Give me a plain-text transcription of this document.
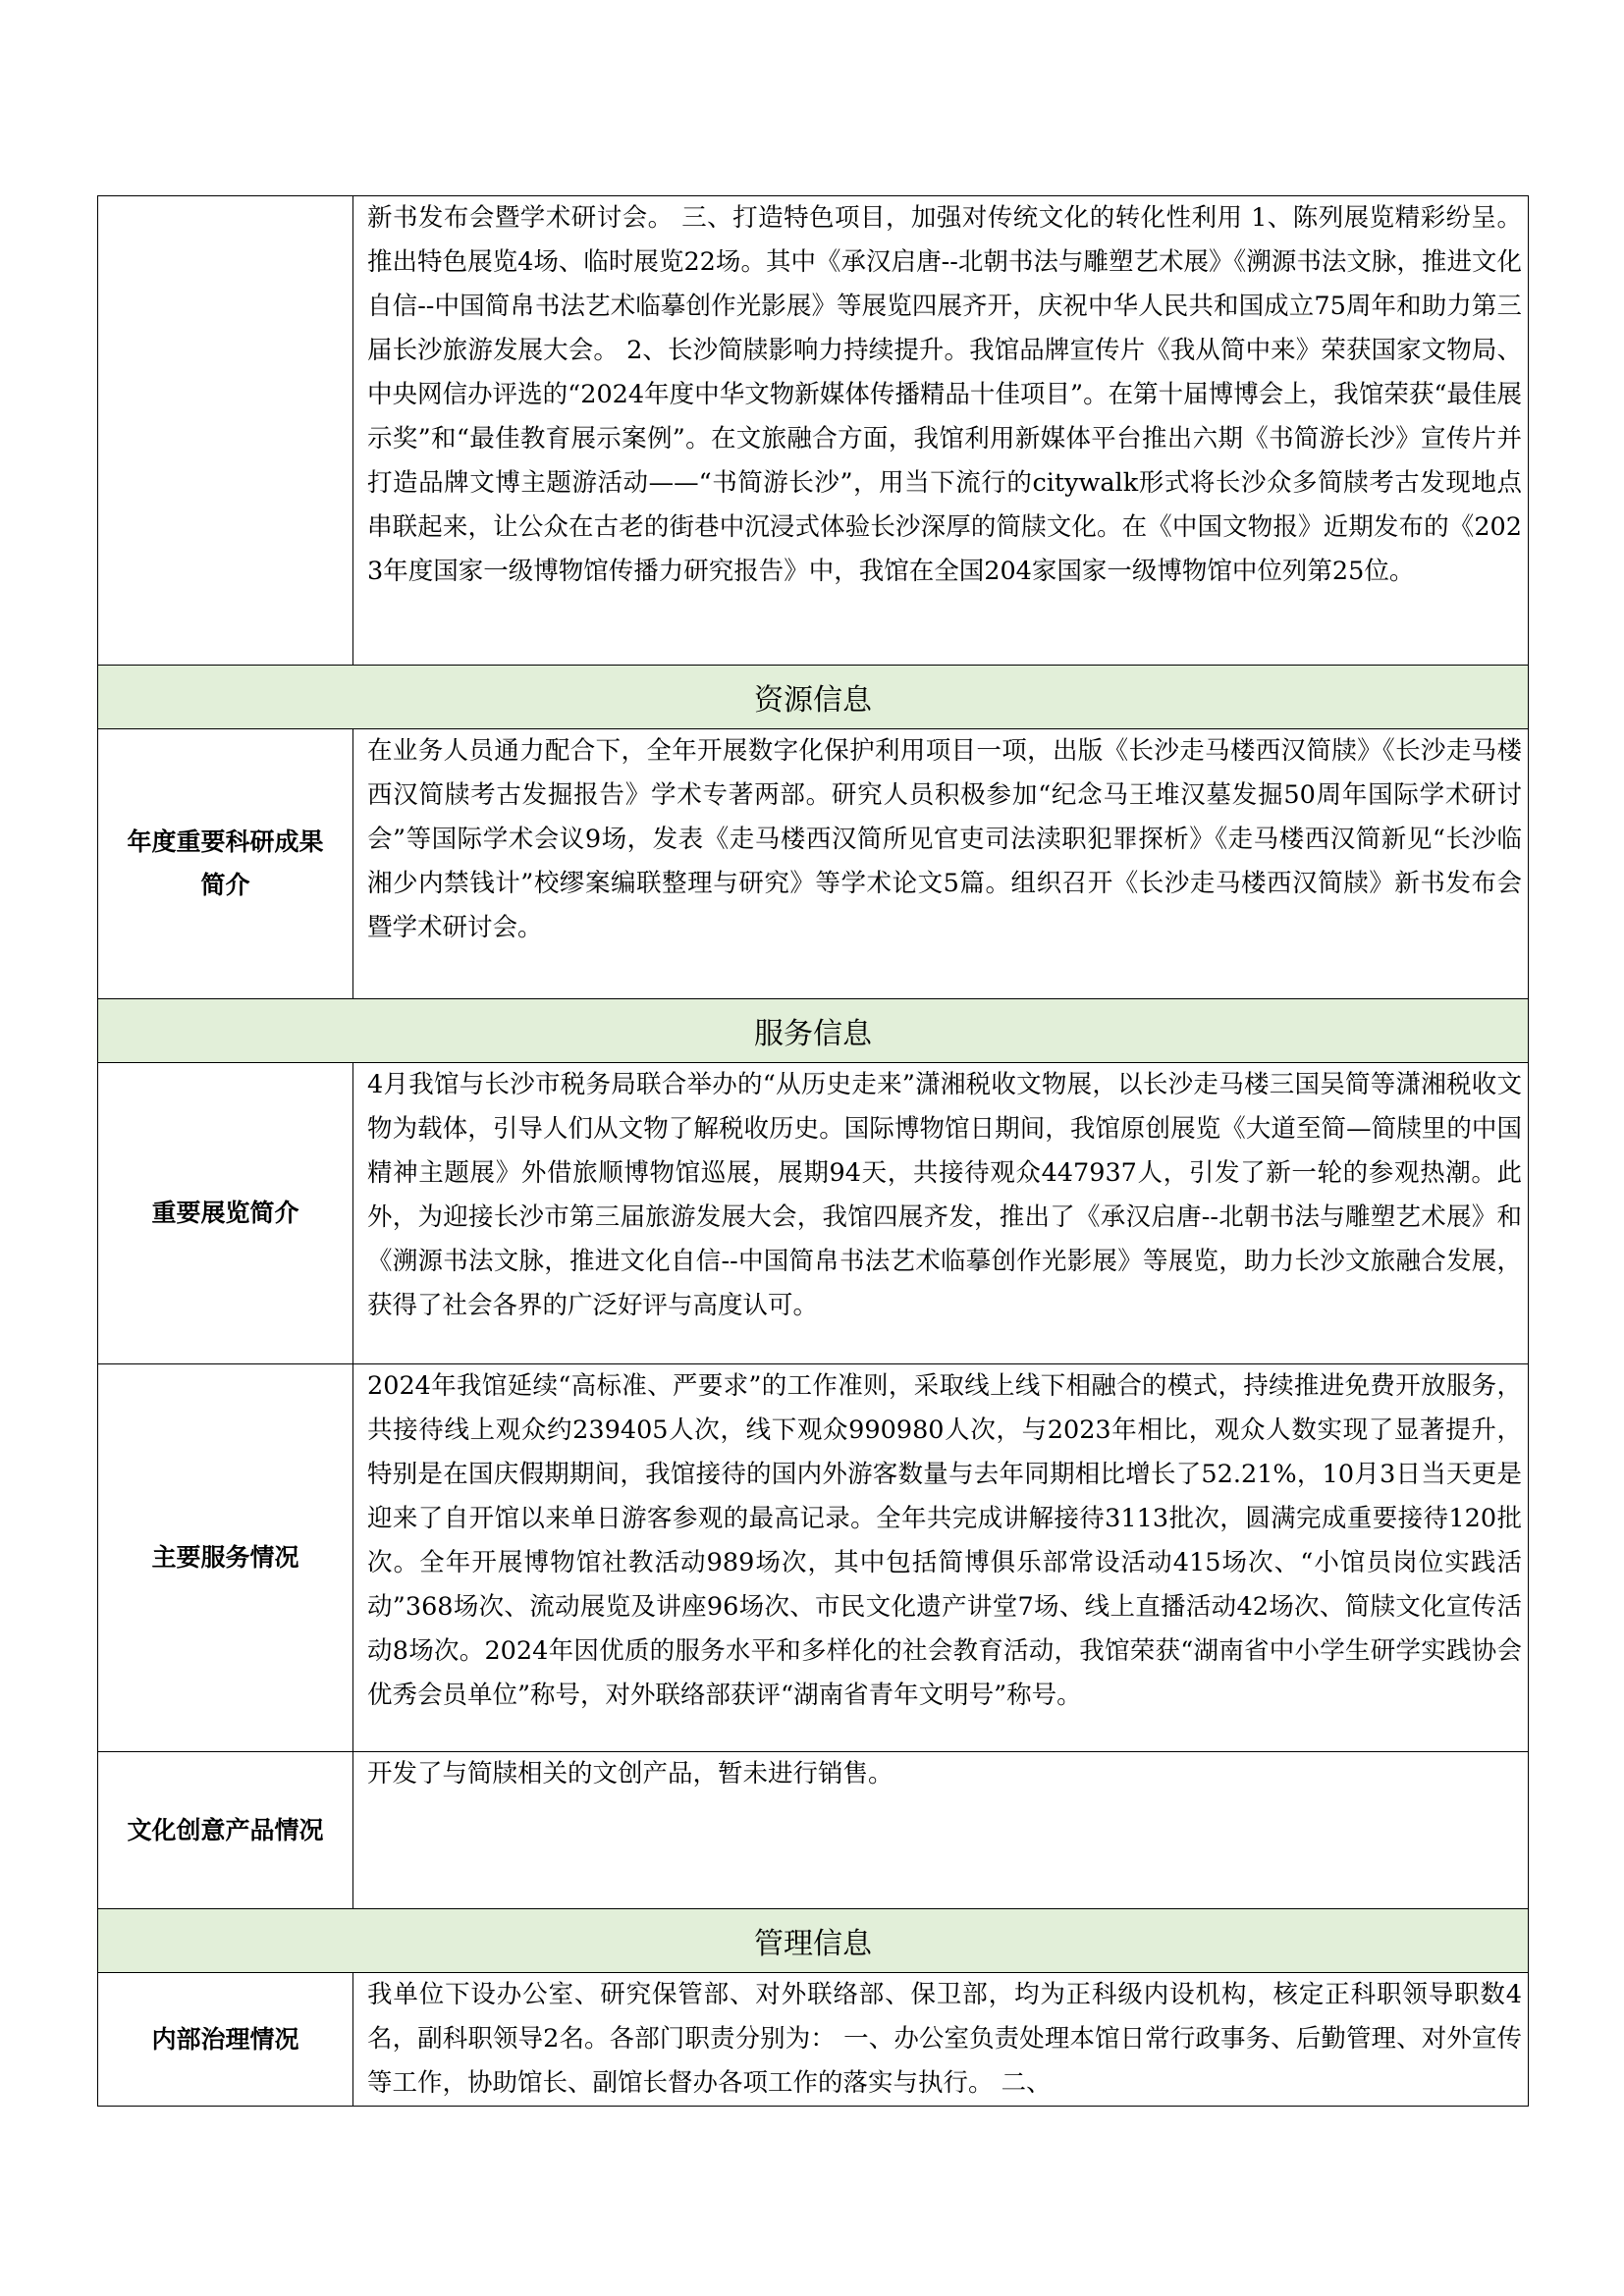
	新书发布会暨学术研讨会。 三、打造特色项目，加强对传统文化的转化性利用 1、陈列展览精彩纷呈。推出特色展览4场、临时展览22场。其中《承汉启唐--北朝书法与雕塑艺术展》《溯源书法文脉，推进文化自信--中国简帛书法艺术临摹创作光影展》等展览四展齐开，庆祝中华人民共和国成立75周年和助力第三届长沙旅游发展大会。 2、长沙简牍影响力持续提升。我馆品牌宣传片《我从简中来》荣获国家文物局、中央网信办评选的“2024年度中华文物新媒体传播精品十佳项目”。在第十届博博会上，我馆荣获“最佳展示奖”和“最佳教育展示案例”。在文旅融合方面，我馆利用新媒体平台推出六期《书简游长沙》宣传片并打造品牌文博主题游活动——“书简游长沙”，用当下流行的citywalk形式将长沙众多简牍考古发现地点串联起来，让公众在古老的街巷中沉浸式体验长沙深厚的简牍文化。在《中国文物报》近期发布的《2023年度国家一级博物馆传播力研究报告》中，我馆在全国204家国家一级博物馆中位列第25位。

资源信息	
年度重要科研成果简介	在业务人员通力配合下，全年开展数字化保护利用项目一项，出版《长沙走马楼西汉简牍》《长沙走马楼西汉简牍考古发掘报告》学术专著两部。研究人员积极参加“纪念马王堆汉墓发掘50周年国际学术研讨会”等国际学术会议9场，发表《走马楼西汉简所见官吏司法渎职犯罪探析》《走马楼西汉简新见“长沙临湘少内禁钱计”校缪案编联整理与研究》等学术论文5篇。组织召开《长沙走马楼西汉简牍》新书发布会暨学术研讨会。

服务信息	
重要展览简介	4月我馆与长沙市税务局联合举办的“从历史走来”潇湘税收文物展，以长沙走马楼三国吴简等潇湘税收文物为载体，引导人们从文物了解税收历史。国际博物馆日期间，我馆原创展览《大道至简—简牍里的中国精神主题展》外借旅顺博物馆巡展，展期94天，共接待观众447937人，引发了新一轮的参观热潮。此外，为迎接长沙市第三届旅游发展大会，我馆四展齐发，推出了《承汉启唐--北朝书法与雕塑艺术展》和《溯源书法文脉，推进文化自信--中国简帛书法艺术临摹创作光影展》等展览，助力长沙文旅融合发展，获得了社会各界的广泛好评与高度认可。

主要服务情况	2024年我馆延续“高标准、严要求”的工作准则，采取线上线下相融合的模式，持续推进免费开放服务，共接待线上观众约239405人次，线下观众990980人次，与2023年相比，观众人数实现了显著提升，特别是在国庆假期期间，我馆接待的国内外游客数量与去年同期相比增长了52.21%，10月3日当天更是迎来了自开馆以来单日游客参观的最高记录。全年共完成讲解接待3113批次，圆满完成重要接待120批次。全年开展博物馆社教活动989场次，其中包括简博俱乐部常设活动415场次、“小馆员岗位实践活动”368场次、流动展览及讲座96场次、市民文化遗产讲堂7场、线上直播活动42场次、简牍文化宣传活动8场次。2024年因优质的服务水平和多样化的社会教育活动，我馆荣获“湖南省中小学生研学实践协会优秀会员单位”称号，对外联络部获评“湖南省青年文明号”称号。

文化创意产品情况	开发了与简牍相关的文创产品，暂未进行销售。

管理信息	
内部治理情况	我单位下设办公室、研究保管部、对外联络部、保卫部，均为正科级内设机构，核定正科职领导职数4名，副科职领导2名。各部门职责分别为： 一、办公室负责处理本馆日常行政事务、后勤管理、对外宣传等工作，协助馆长、副馆长督办各项工作的落实与执行。 二、
